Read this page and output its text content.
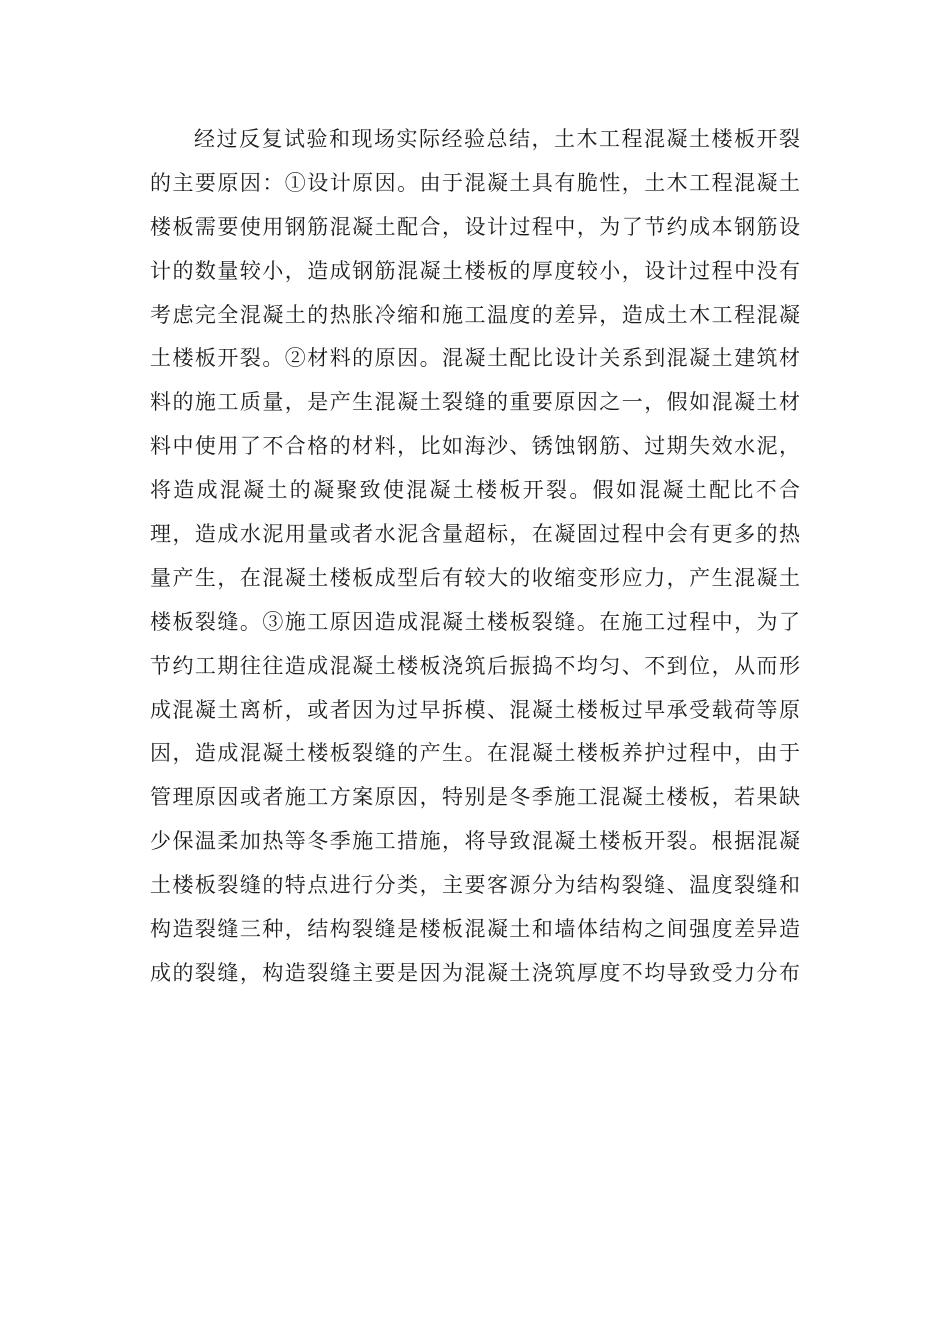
经过反复试验和现场实际经验总结，土木工程混凝土楼板开裂
的主要原因：①设计原因。由于混凝土具有脆性，土木工程混凝土
楼板需要使用钢筋混凝土配合，设计过程中，为了节约成本钢筋设
计的数量较小，造成钢筋混凝土楼板的厚度较小，设计过程中没有
考虑完全混凝土的热胀冷缩和施工温度的差异，造成土木工程混凝
土楼板开裂。②材料的原因。混凝土配比设计关系到混凝土建筑材
料的施工质量，是产生混凝土裂缝的重要原因之一，假如混凝土材
料中使用了不合格的材料，比如海沙、锈蚀钢筋、过期失效水泥，
将造成混凝土的凝聚致使混凝土楼板开裂。假如混凝土配比不合
理，造成水泥用量或者水泥含量超标，在凝固过程中会有更多的热
量产生，在混凝土楼板成型后有较大的收缩变形应力，产生混凝土
楼板裂缝。③施工原因造成混凝土楼板裂缝。在施工过程中，为了
节约工期往往造成混凝土楼板浇筑后振捣不均匀、不到位，从而形
成混凝土离析，或者因为过早拆模、混凝土楼板过早承受载荷等原
因，造成混凝土楼板裂缝的产生。在混凝土楼板养护过程中，由于
管理原因或者施工方案原因，特别是冬季施工混凝土楼板，若果缺
少保温柔加热等冬季施工措施，将导致混凝土楼板开裂。根据混凝
土楼板裂缝的特点进行分类，主要客源分为结构裂缝、温度裂缝和
构造裂缝三种，结构裂缝是楼板混凝土和墙体结构之间强度差异造
成的裂缝，构造裂缝主要是因为混凝土浇筑厚度不均导致受力分布
